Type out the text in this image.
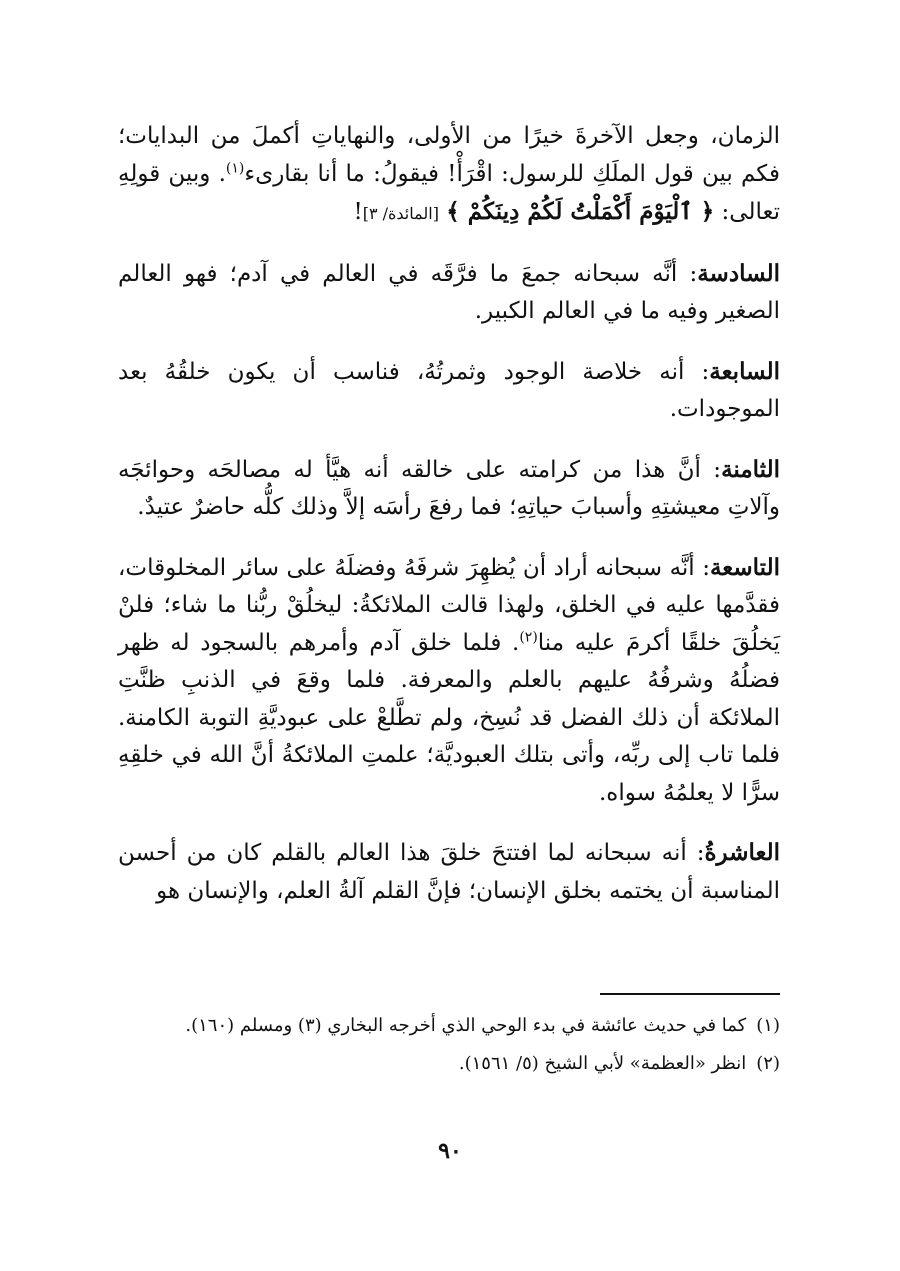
الزمان، وجعل الآخرةَ خيرًا من الأولى، والنهاياتِ أكملَ من البدايات؛ فكم بين قول الملَكِ للرسول: اقْرَأْ! فيقولُ: ما أنا بقارىء$^{(١)}$. وبين قولِهِ تعالى: ﴿ ٱلْيَوْمَ أَكْمَلْتُ لَكُمْ دِينَكُمْ ﴾ [المائدة/ ٣]!

السادسة: أنَّه سبحانه جمعَ ما فرَّقَه في العالم في آدم؛ فهو العالم الصغير وفيه ما في العالم الكبير.

السابعة: أنه خلاصة الوجود وثمرتُهُ، فناسب أن يكون خلقُهُ بعد الموجودات.

الثامنة: أنَّ هذا من كرامته على خالقه أنه هيَّأ له مصالحَه وحوائجَه وآلاتِ معيشتِهِ وأسبابَ حياتِهِ؛ فما رفعَ رأسَه إلاَّ وذلك كلُّه حاضرٌ عتيدٌ.

التاسعة: أنَّه سبحانه أراد أن يُظهِرَ شرفَهُ وفضلَهُ على سائر المخلوقات، فقدَّمها عليه في الخلق، ولهذا قالت الملائكةُ: ليخلُقْ ربُّنا ما شاء؛ فلنْ يَخلُقَ خلقًا أكرمَ عليه منا$^{(٢)}$. فلما خلق آدم وأمرهم بالسجود له ظهر فضلُهُ وشرفُهُ عليهم بالعلم والمعرفة. فلما وقعَ في الذنبِ ظنَّتِ الملائكة أن ذلك الفضل قد نُسِخ، ولم تطَّلعْ على عبوديَّةِ التوبة الكامنة. فلما تاب إلى ربِّه، وأتى بتلك العبوديَّة؛ علمتِ الملائكةُ أنَّ الله في خلقِهِ سرًّا لا يعلمُهُ سواه.

العاشرةُ: أنه سبحانه لما افتتحَ خلقَ هذا العالم بالقلم كان من أحسن المناسبة أن يختمه بخلق الإنسان؛ فإنَّ القلم آلةُ العلم، والإنسان هو

(١)كما في حديث عائشة في بدء الوحي الذي أخرجه البخاري (٣) ومسلم (١٦٠).
(٢)انظر «العظمة» لأبي الشيخ (٥/ ١٥٦١).
٩٠
